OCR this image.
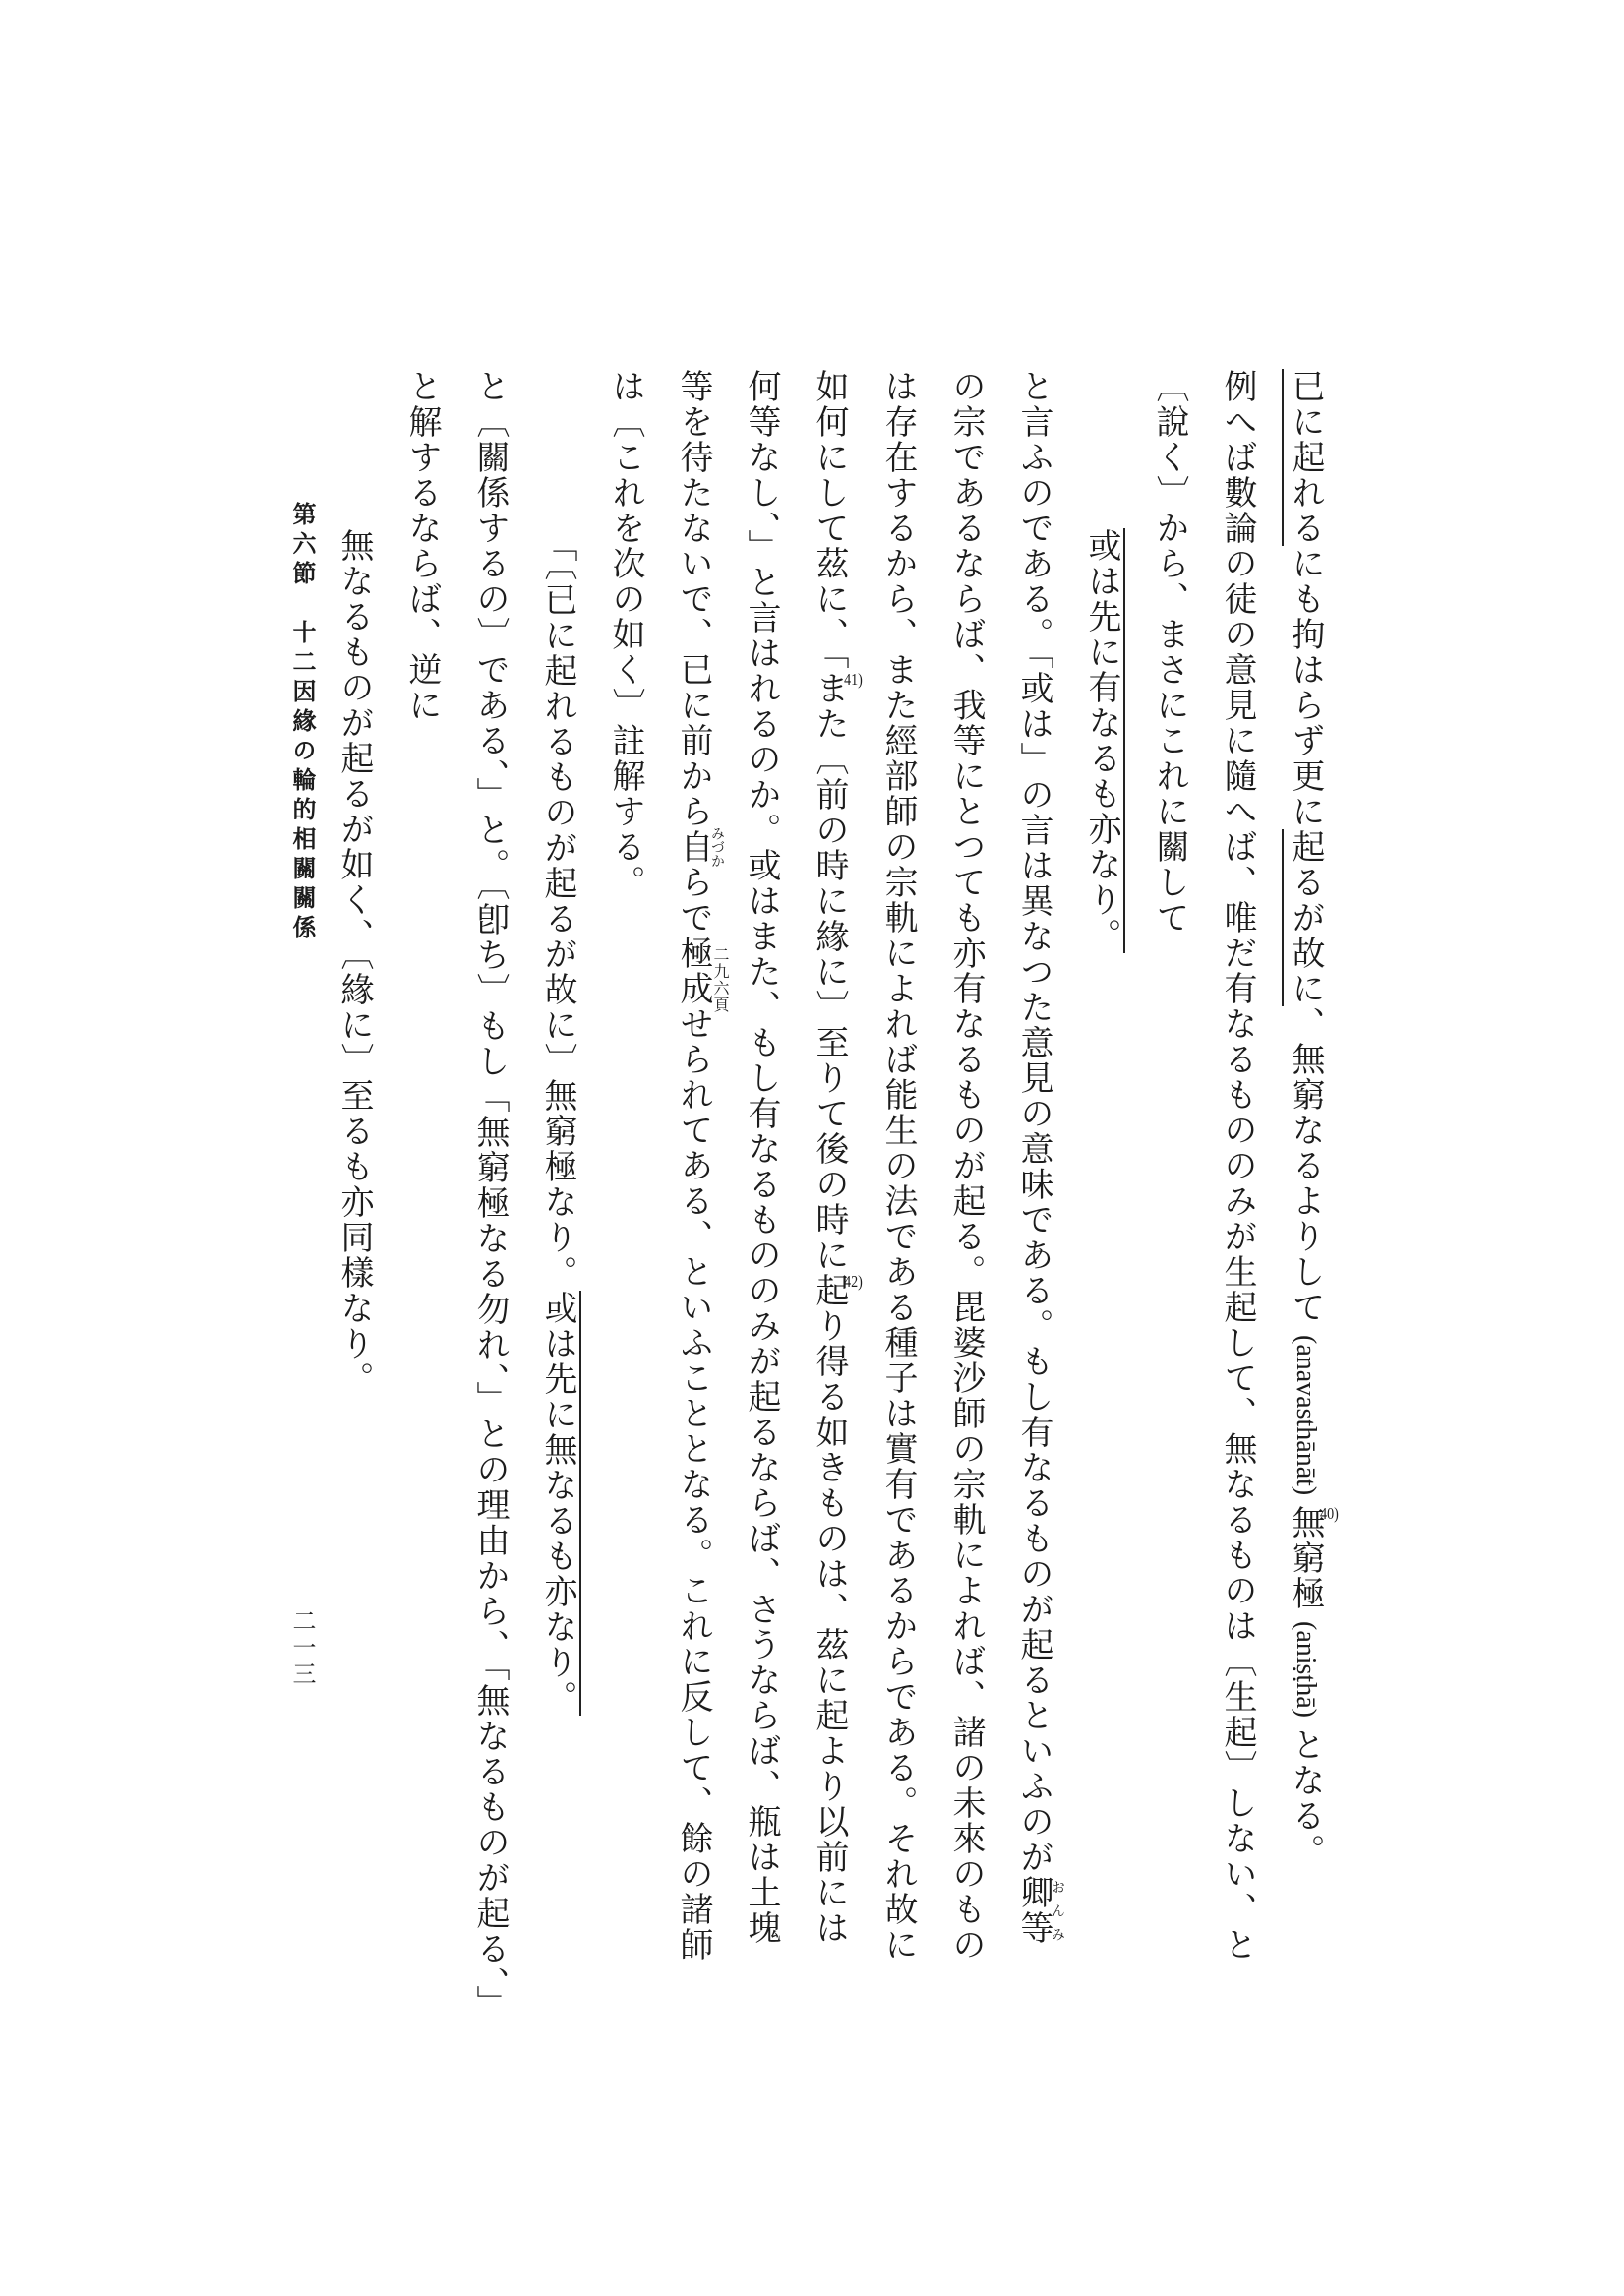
已に起れるにも拘はらず更に起るが故に、無窮なるよりして(anavasthānāt)40)無窮極(aniṣṭhā)となる。
例へば數論の徒の意見に隨へば、唯だ有なるもののみが生起して、無なるものは〔生起〕しない、と
〔說く〕から、まさにこれに關して
或は先に有なるも亦なり。
と言ふのである。「或は」の言は異なつた意見の意味である。もし有なるものが起るといふのが卿等おんみ
の宗であるならば、我等にとつても亦有なるものが起る。毘婆沙師の宗軌によれば、諸の未來のもの
は存在するから、また經部師の宗軌によれば能生の法である種子は實有であるからである。それ故に
如何にして茲に、「41)また〔前の時に緣に〕至りて後の時に42)起り得る如きものは、茲に起より以前には
何等なし、」と言はれるのか。或はまた、もし有なるもののみが起るならば、さうならば、瓶は土塊
等を待たないで、已に前から自みづからで極成せられてある、といふこととなる。これに反して、餘の諸師
は〔これを次の如く〕註解する。
「〔已に起れるものが起るが故に〕無窮極なり。或は先に無なるも亦なり。
と〔關係するの〕である、」と。〔卽ち〕もし「無窮極なる勿れ、」との理由から、「無なるものが起る、」
と解するならば、逆に
無なるものが起るが如く、〔緣に〕至るも亦同樣なり。	二九六頁
第六節　十二因緣の輪的相關關係
二一三
